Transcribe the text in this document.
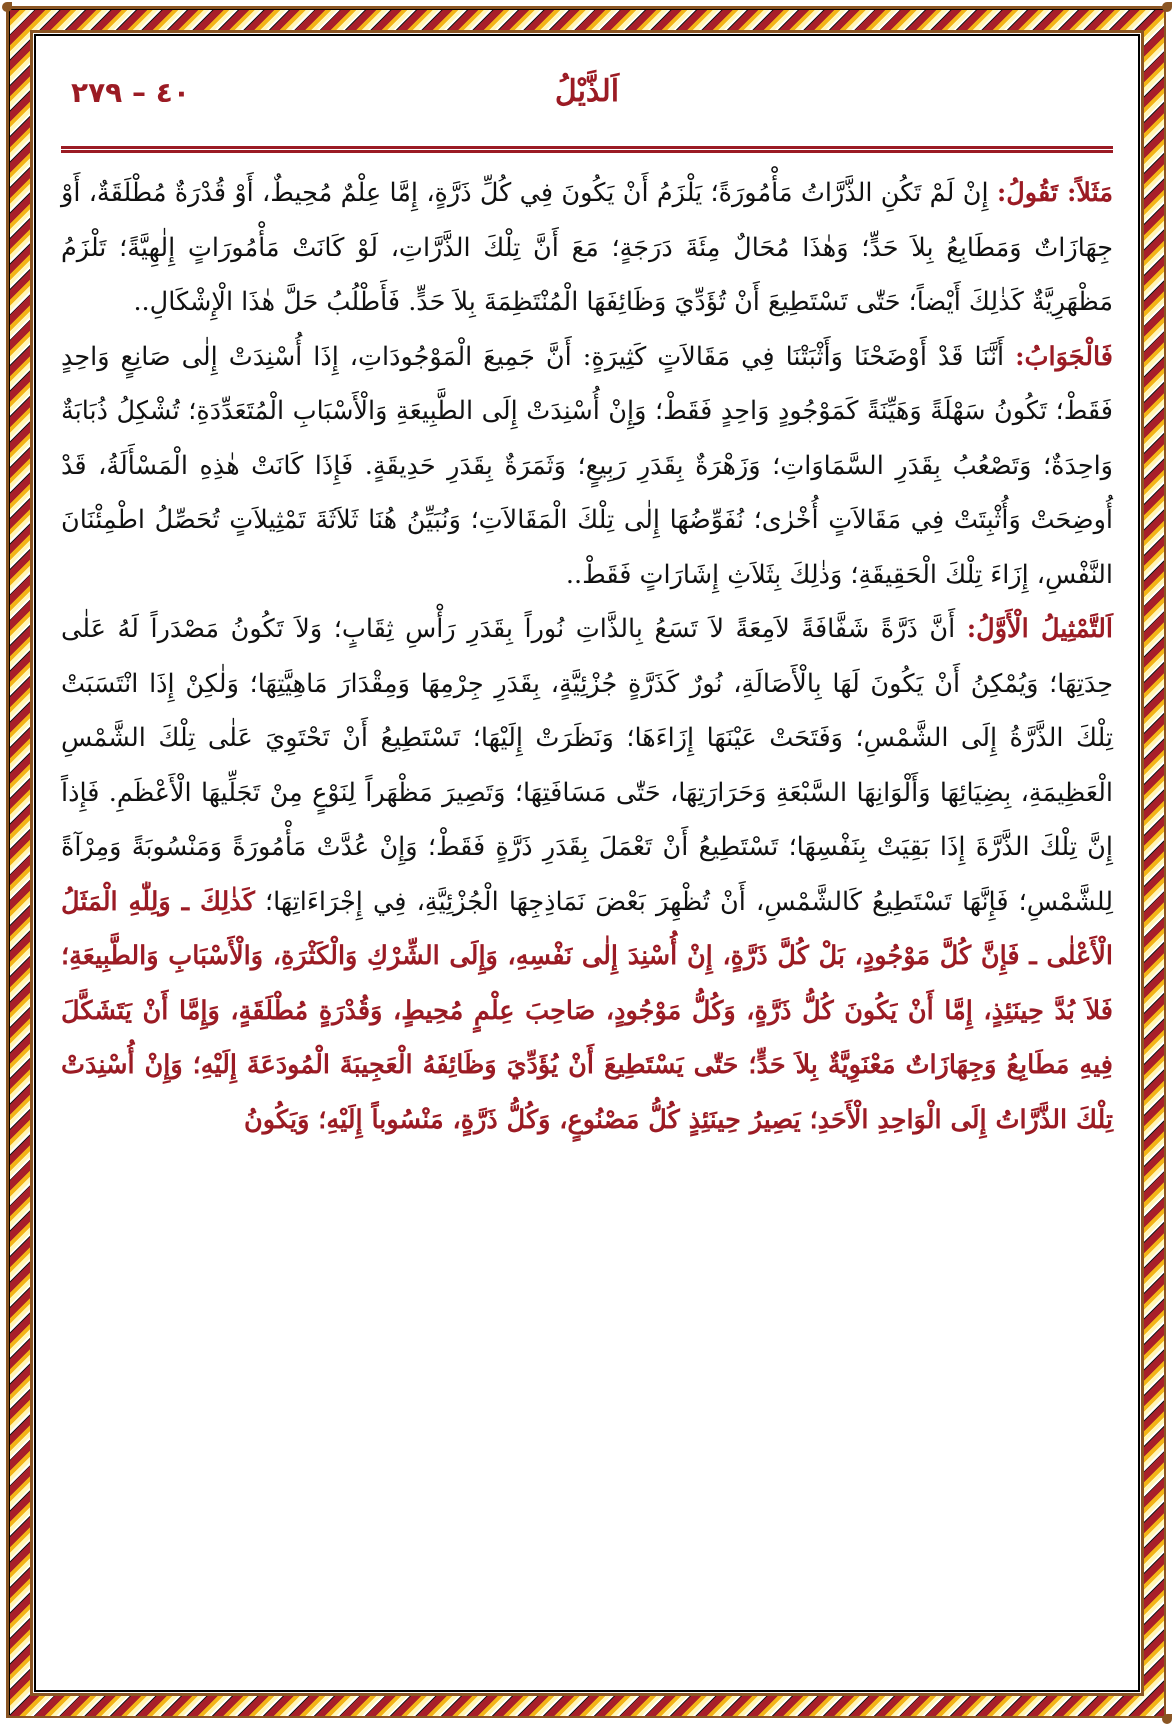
اَلذَّيْلُ
٤٠ – ٢٧٩

مَثَلاً: تَقُولُ: إِنْ لَمْ تَكُنِ الذَّرَّاتُ مَأْمُورَةً؛ يَلْزَمُ أَنْ يَكُونَ فِي كُلِّ ذَرَّةٍ، إِمَّا عِلْمٌ مُحِيطٌ، أَوْ قُدْرَةٌ مُطْلَقَةٌ، أَوْ جِهَازَاتٌ وَمَطَابِعُ بِلاَ حَدٍّ؛ وَهٰذَا مُحَالٌ مِئَةَ دَرَجَةٍ؛ مَعَ أَنَّ تِلْكَ الذَّرَّاتِ، لَوْ كَانَتْ مَأْمُورَاتٍ إِلٰهِيَّةً؛ تَلْزَمُ مَظْهَرِيَّةٌ كَذٰلِكَ أَيْضاً؛ حَتّٰى تَسْتَطِيعَ أَنْ تُؤَدِّيَ وَظَائِفَهَا الْمُنْتَظِمَةَ بِلاَ حَدٍّ. فَأَطْلُبُ حَلَّ هٰذَا الْإِشْكَالِ..

فَالْجَوَابُ: أَنَّنَا قَدْ أَوْضَحْنَا وَأَثْبَتْنَا فِي مَقَالاَتٍ كَثِيرَةٍ: أَنَّ جَمِيعَ الْمَوْجُودَاتِ، إِذَا أُسْنِدَتْ إِلٰى صَانِعٍ وَاحِدٍ فَقَطْ؛ تَكُونُ سَهْلَةً وَهَيِّنَةً كَمَوْجُودٍ وَاحِدٍ فَقَطْ؛ وَإِنْ أُسْنِدَتْ إِلَى الطَّبِيعَةِ وَالْأَسْبَابِ الْمُتَعَدِّدَةِ؛ تُشْكِلُ ذُبَابَةٌ وَاحِدَةٌ؛ وَتَصْعُبُ بِقَدَرِ السَّمَاوَاتِ؛ وَزَهْرَةٌ بِقَدَرِ رَبِيعٍ؛ وَثَمَرَةٌ بِقَدَرِ حَدِيقَةٍ. فَإِذَا كَانَتْ هٰذِهِ الْمَسْأَلَةُ، قَدْ أُوضِحَتْ وَأُثْبِتَتْ فِي مَقَالاَتٍ أُخْرٰى؛ نُفَوِّضُهَا إِلٰى تِلْكَ الْمَقَالاَتِ؛ وَنُبَيِّنُ هُنَا ثَلاَثَةَ تَمْثِيلاَتٍ تُحَصِّلُ اطْمِئْنَانَ النَّفْسِ، إِزَاءَ تِلْكَ الْحَقِيقَةِ؛ وَذٰلِكَ بِثَلاَثِ إِشَارَاتٍ فَقَطْ..

اَلتَّمْثِيلُ الْأَوَّلُ: أَنَّ ذَرَّةً شَفَّافَةً لاَمِعَةً لاَ تَسَعُ بِالذَّاتِ نُوراً بِقَدَرِ رَأْسِ ثِقَابٍ؛ وَلاَ تَكُونُ مَصْدَراً لَهُ عَلٰى حِدَتِهَا؛ وَيُمْكِنُ أَنْ يَكُونَ لَهَا بِالْأَصَالَةِ، نُورٌ كَذَرَّةٍ جُزْئِيَّةٍ، بِقَدَرِ جِرْمِهَا وَمِقْدَارَ مَاهِيَّتِهَا؛ وَلٰكِنْ إِذَا انْتَسَبَتْ تِلْكَ الذَّرَّةُ إِلَى الشَّمْسِ؛ وَفَتَحَتْ عَيْنَهَا إِزَاءَهَا؛ وَنَظَرَتْ إِلَيْهَا؛ تَسْتَطِيعُ أَنْ تَحْتَوِيَ عَلٰى تِلْكَ الشَّمْسِ الْعَظِيمَةِ، بِضِيَائِهَا وَأَلْوَانِهَا السَّبْعَةِ وَحَرَارَتِهَا، حَتّٰى مَسَافَتِهَا؛ وَتَصِيرَ مَظْهَراً لِنَوْعٍ مِنْ تَجَلِّيهَا الْأَعْظَمِ. فَإِذاً إِنَّ تِلْكَ الذَّرَّةَ إِذَا بَقِيَتْ بِنَفْسِهَا؛ تَسْتَطِيعُ أَنْ تَعْمَلَ بِقَدَرِ ذَرَّةٍ فَقَطْ؛ وَإِنْ عُدَّتْ مَأْمُورَةً وَمَنْسُوبَةً وَمِرْآةً لِلشَّمْسِ؛ فَإِنَّهَا تَسْتَطِيعُ كَالشَّمْسِ، أَنْ تُظْهِرَ بَعْضَ نَمَاذِجِهَا الْجُزْئِيَّةِ، فِي إِجْرَاءَاتِهَا؛ كَذٰلِكَ ـ وَلِلّٰهِ الْمَثَلُ الْأَعْلٰى ـ فَإِنَّ كُلَّ مَوْجُودٍ، بَلْ كُلَّ ذَرَّةٍ، إِنْ أُسْنِدَ إِلٰى نَفْسِهِ، وَإِلَى الشِّرْكِ وَالْكَثْرَةِ، وَالْأَسْبَابِ وَالطَّبِيعَةِ؛ فَلاَ بُدَّ حِينَئِذٍ، إِمَّا أَنْ يَكُونَ كُلُّ ذَرَّةٍ، وَكُلُّ مَوْجُودٍ، صَاحِبَ عِلْمٍ مُحِيطٍ، وَقُدْرَةٍ مُطْلَقَةٍ، وَإِمَّا أَنْ يَتَشَكَّلَ فِيهِ مَطَابِعُ وَجِهَازَاتٌ مَعْنَوِيَّةٌ بِلاَ حَدٍّ؛ حَتّٰى يَسْتَطِيعَ أَنْ يُؤَدِّيَ وَظَائِفَهُ الْعَجِيبَةَ الْمُودَعَةَ إِلَيْهِ؛ وَإِنْ أُسْنِدَتْ تِلْكَ الذَّرَّاتُ إِلَى الْوَاحِدِ الْأَحَدِ؛ يَصِيرُ حِينَئِذٍ كُلُّ مَصْنُوعٍ، وَكُلُّ ذَرَّةٍ، مَنْسُوباً إِلَيْهِ؛ وَيَكُونُ
